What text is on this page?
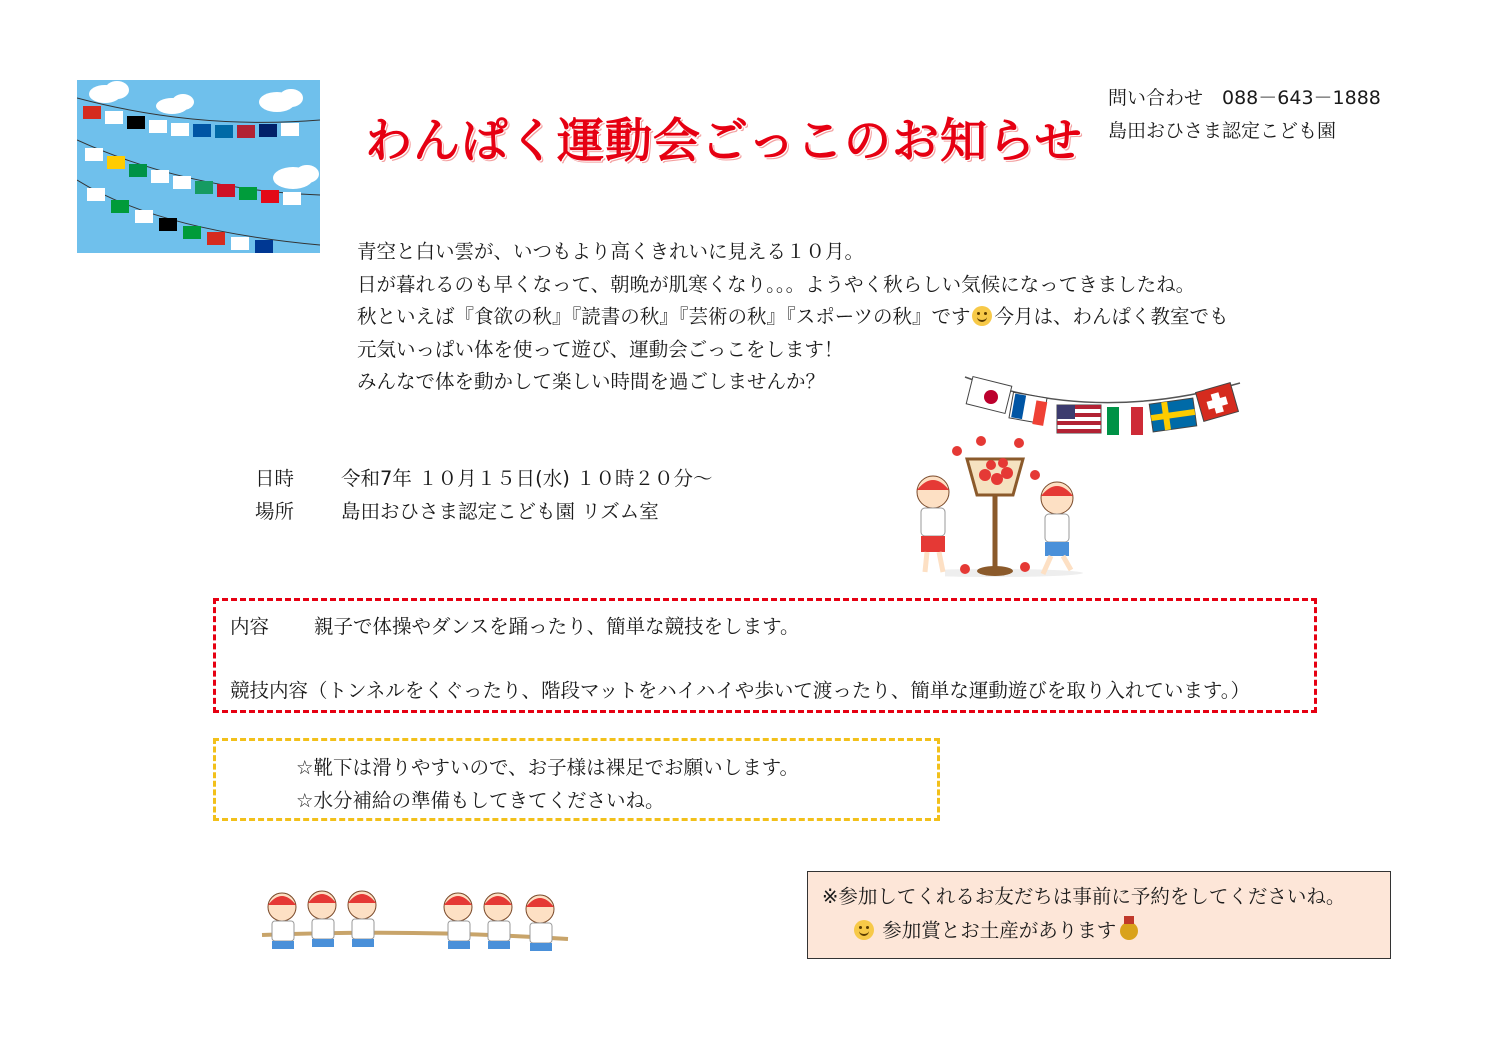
わんぱく運動会ごっこのお知らせ
問い合わせ　088－643－1888
島田おひさま認定こども園

青空と白い雲が、いつもより高くきれいに見える１０月。

日が暮れるのも早くなって、朝晩が肌寒くなり。。。ようやく秋らしい気候になってきましたね。

秋といえば『食欲の秋』『読書の秋』『芸術の秋』『スポーツの秋』です 今月は、わんぱく教室でも

元気いっぱい体を使って遊び、運動会ごっこをします！

みんなで体を動かして楽しい時間を過ごしませんか？

日時 令和7年 １０月１５日(水) １０時２０分～
場所 島田おひさま認定こども園 リズム室
内容 親子で体操やダンスを踊ったり、簡単な競技をします。
競技内容（トンネルをくぐったり、階段マットをハイハイや歩いて渡ったり、簡単な運動遊びを取り入れています。）
☆靴下は滑りやすいので、お子様は裸足でお願いします。
☆水分補給の準備もしてきてくださいね。
※参加してくれるお友だちは事前に予約をしてくださいね。
参加賞とお土産があります
